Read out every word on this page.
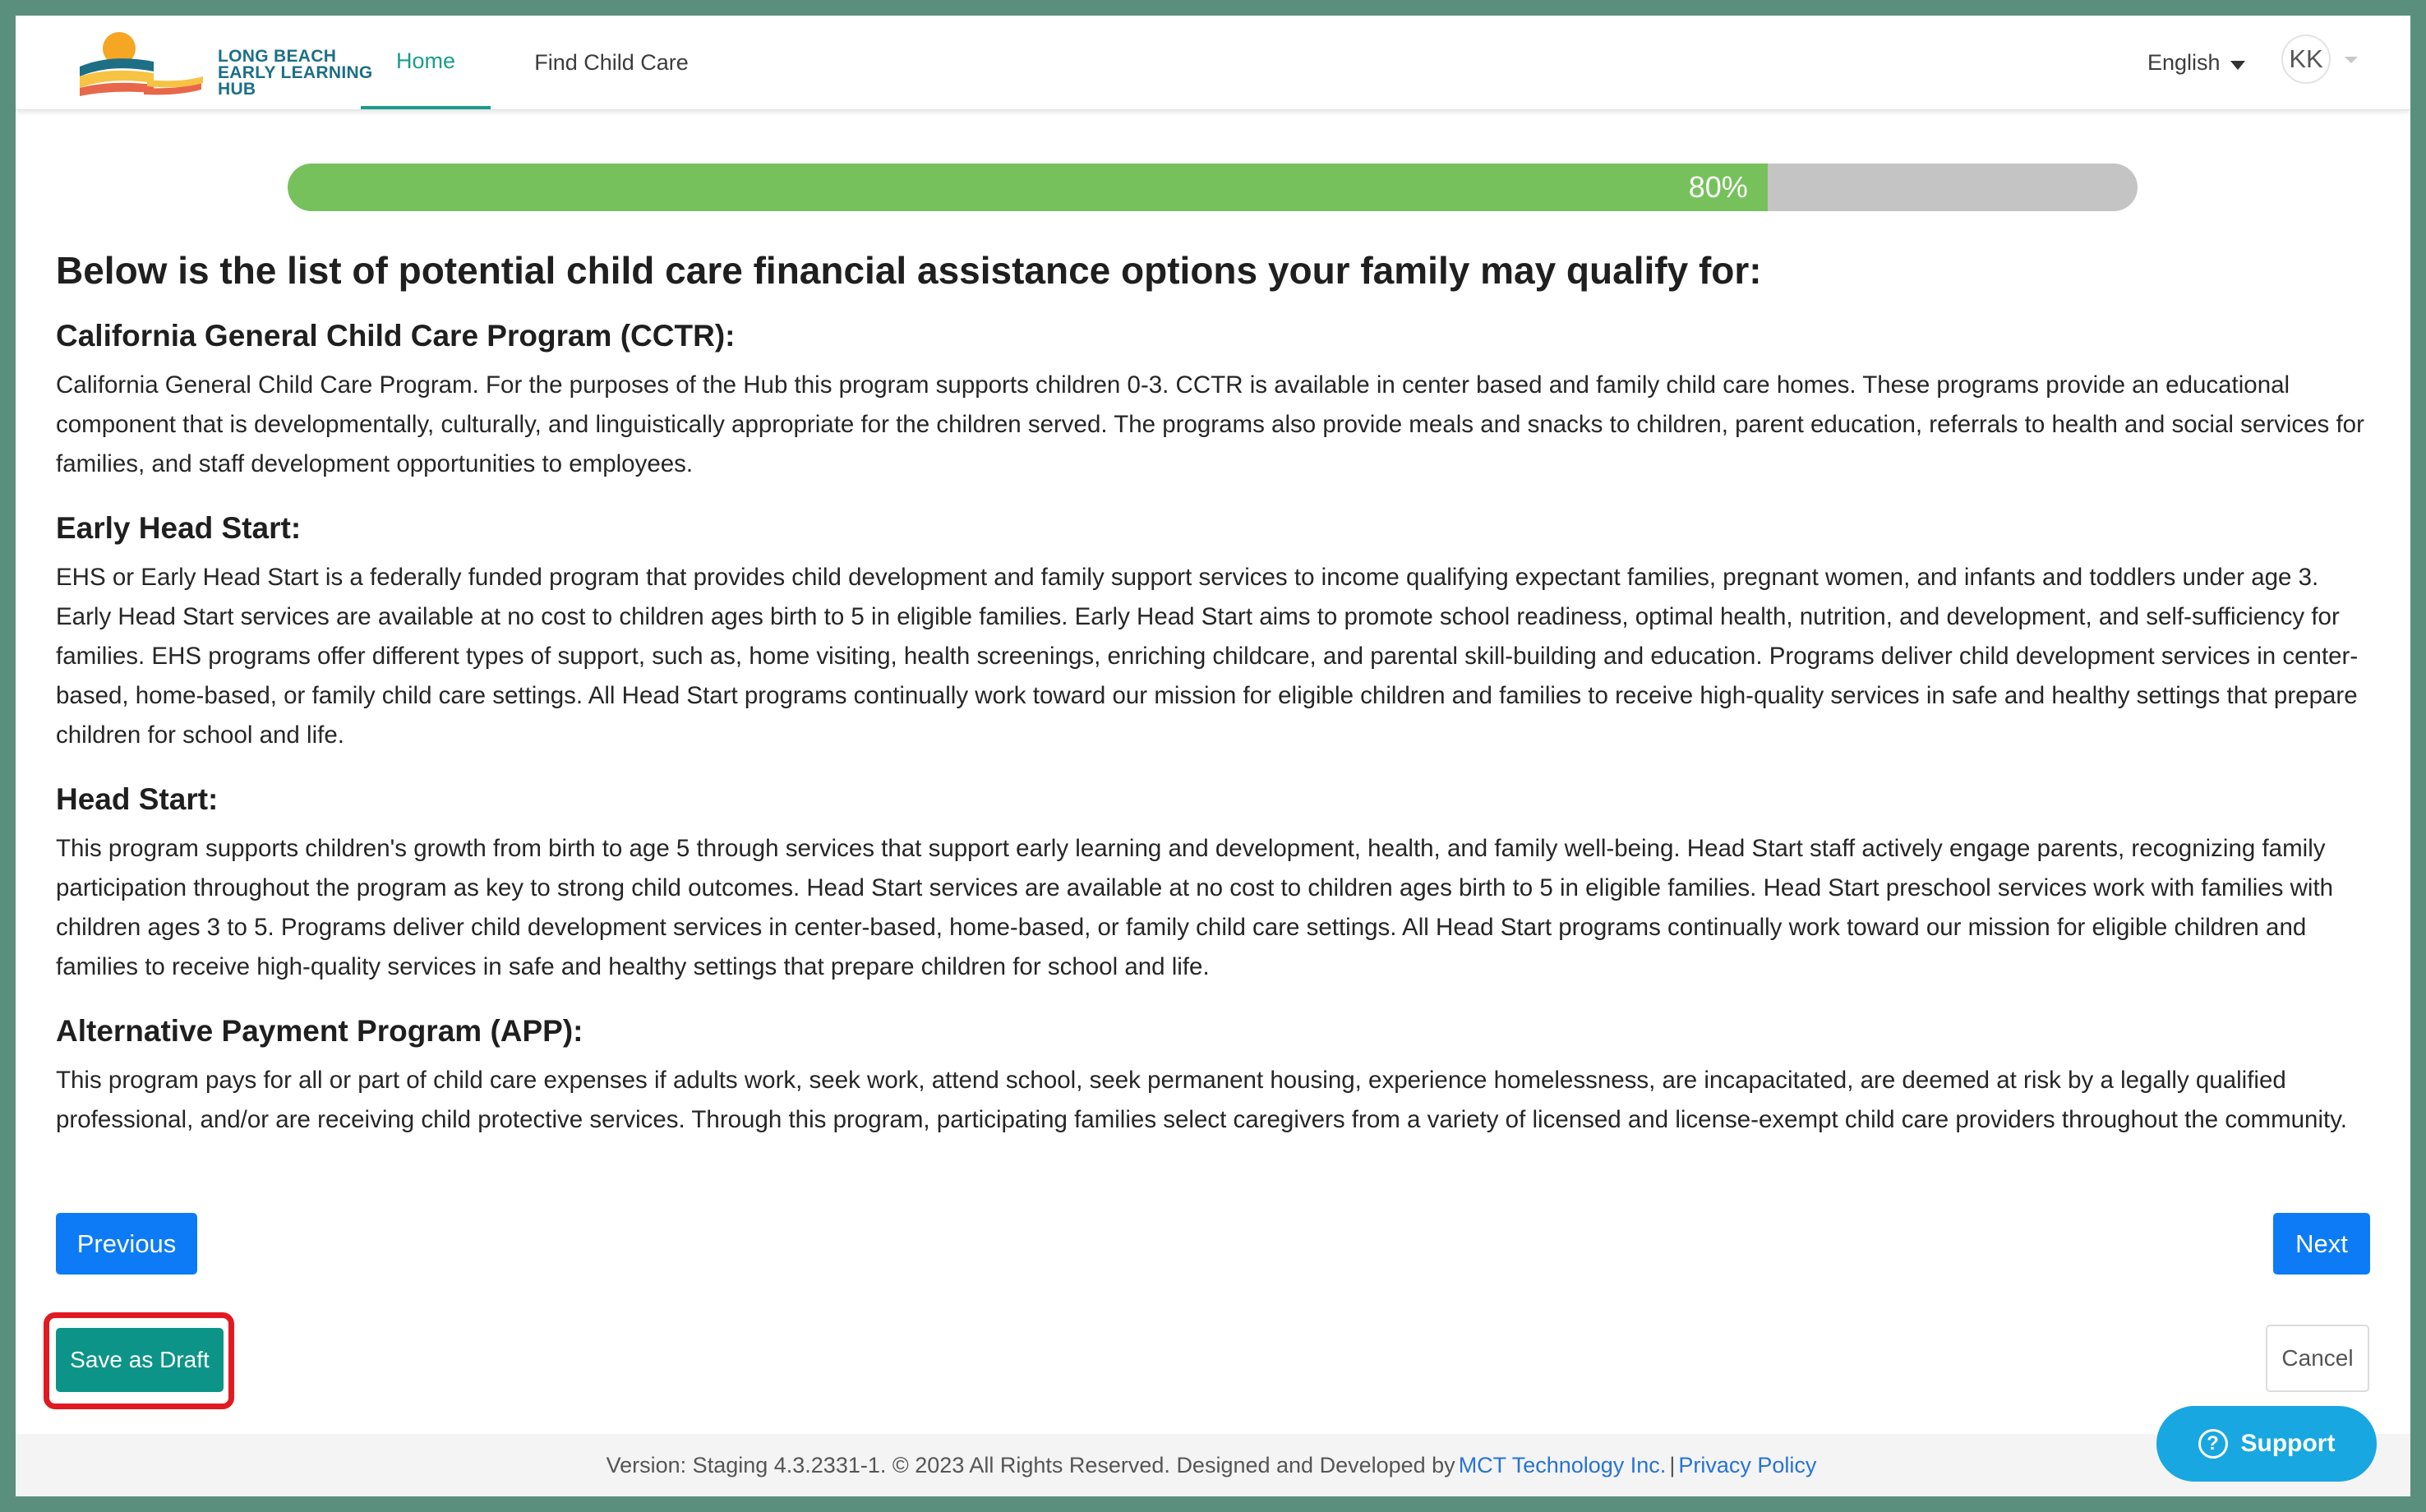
LONG BEACH
EARLY LEARNING
HUB
Home	Find Child Care	English	KK
80%
Below is the list of potential child care financial assistance options your family may qualify for:
California General Child Care Program (CCTR):

California General Child Care Program. For the purposes of the Hub this program supports children 0-3. CCTR is available in center based and family child care homes. These programs provide an educational component that is developmentally, culturally, and linguistically appropriate for the children served. The programs also provide meals and snacks to children, parent education, referrals to health and social services for families, and staff development opportunities to employees.

Early Head Start:

EHS or Early Head Start is a federally funded program that provides child development and family support services to income qualifying expectant families, pregnant women, and infants and toddlers under age 3. Early Head Start services are available at no cost to children ages birth to 5 in eligible families. Early Head Start aims to promote school readiness, optimal health, nutrition, and development, and self-sufficiency for families. EHS programs offer different types of support, such as, home visiting, health screenings, enriching childcare, and parental skill-building and education. Programs deliver child development services in center-based, home-based, or family child care settings. All Head Start programs continually work toward our mission for eligible children and families to receive high-quality services in safe and healthy settings that prepare children for school and life.

Head Start:

This program supports children's growth from birth to age 5 through services that support early learning and development, health, and family well-being. Head Start staff actively engage parents, recognizing family participation throughout the program as key to strong child outcomes. Head Start services are available at no cost to children ages birth to 5 in eligible families. Head Start preschool services work with families with children ages 3 to 5. Programs deliver child development services in center-based, home-based, or family child care settings. All Head Start programs continually work toward our mission for eligible children and families to receive high-quality services in safe and healthy settings that prepare children for school and life.

Alternative Payment Program (APP):

This program pays for all or part of child care expenses if adults work, seek work, attend school, seek permanent housing, experience homelessness, are incapacitated, are deemed at risk by a legally qualified professional, and/or are receiving child protective services. Through this program, participating families select caregivers from a variety of licensed and license-exempt child care providers throughout the community.

Previous	Next
Save as Draft	Cancel
Version: Staging 4.3.2331-1. © 2023 All Rights Reserved. Designed and Developed by MCT Technology Inc. | Privacy Policy
? Support
